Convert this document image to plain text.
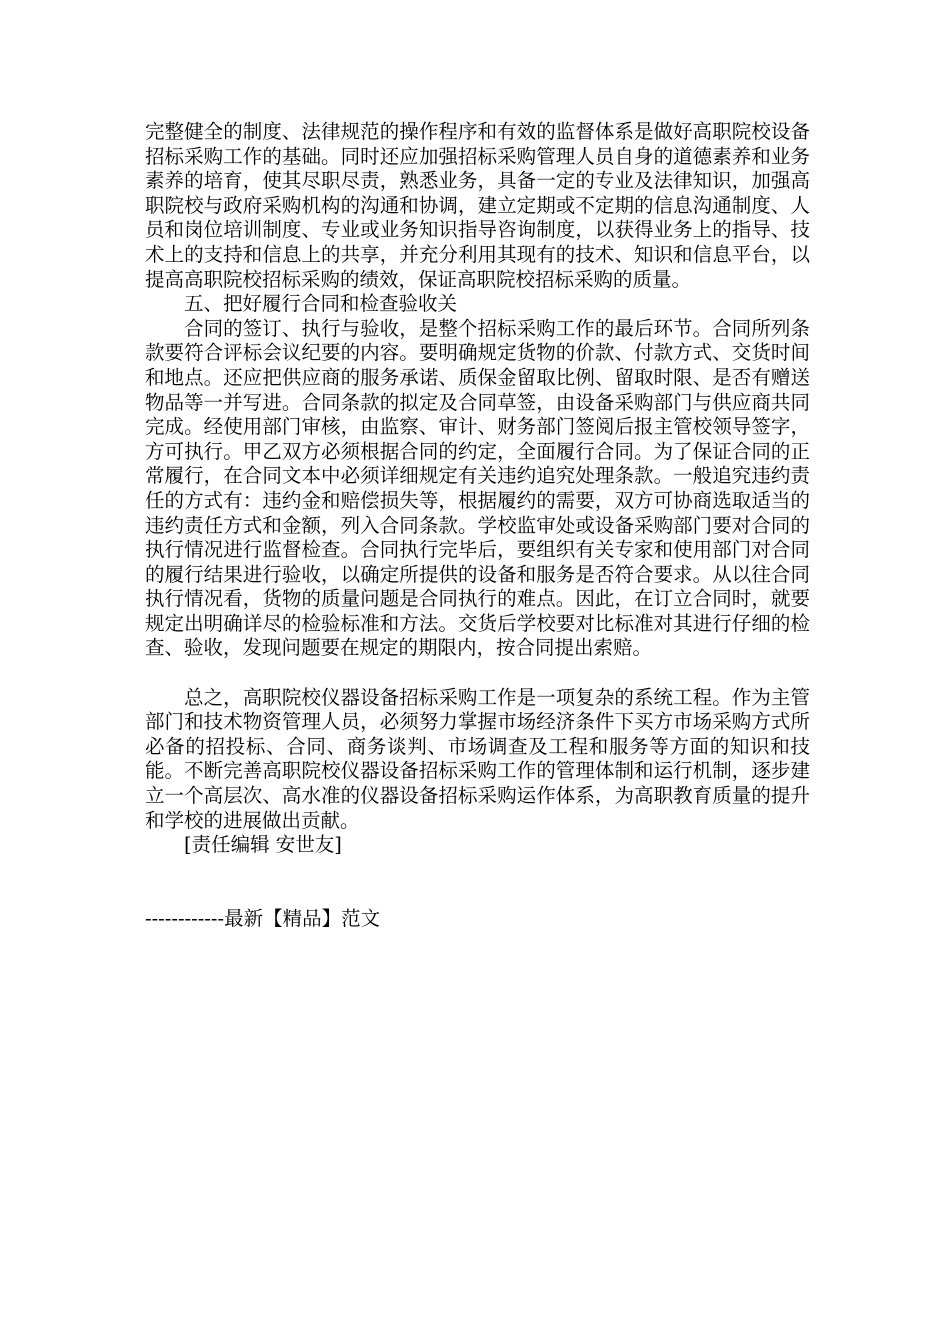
完整健全的制度、法律规范的操作程序和有效的监督体系是做好高职院校设备招标采购工作的基础。同时还应加强招标采购管理人员自身的道德素养和业务素养的培育，使其尽职尽责，熟悉业务，具备一定的专业及法律知识，加强高职院校与政府采购机构的沟通和协调，建立定期或不定期的信息沟通制度、人员和岗位培训制度、专业或业务知识指导咨询制度，以获得业务上的指导、技术上的支持和信息上的共享，并充分利用其现有的技术、知识和信息平台，以提高高职院校招标采购的绩效，保证高职院校招标采购的质量。

五、把好履行合同和检查验收关

合同的签订、执行与验收，是整个招标采购工作的最后环节。合同所列条款要符合评标会议纪要的内容。要明确规定货物的价款、付款方式、交货时间和地点。还应把供应商的服务承诺、质保金留取比例、留取时限、是否有赠送物品等一并写进。合同条款的拟定及合同草签，由设备采购部门与供应商共同完成。经使用部门审核，由监察、审计、财务部门签阅后报主管校领导签字，方可执行。甲乙双方必须根据合同的约定，全面履行合同。为了保证合同的正常履行，在合同文本中必须详细规定有关违约追究处理条款。一般追究违约责任的方式有：违约金和赔偿损失等，根据履约的需要，双方可协商选取适当的违约责任方式和金额，列入合同条款。学校监审处或设备采购部门要对合同的执行情况进行监督检查。合同执行完毕后，要组织有关专家和使用部门对合同的履行结果进行验收，以确定所提供的设备和服务是否符合要求。从以往合同执行情况看，货物的质量问题是合同执行的难点。因此，在订立合同时，就要规定出明确详尽的检验标准和方法。交货后学校要对比标准对其进行仔细的检查、验收，发现问题要在规定的期限内，按合同提出索赔。

总之，高职院校仪器设备招标采购工作是一项复杂的系统工程。作为主管部门和技术物资管理人员，必须努力掌握市场经济条件下买方市场采购方式所必备的招投标、合同、商务谈判、市场调查及工程和服务等方面的知识和技能。不断完善高职院校仪器设备招标采购工作的管理体制和运行机制，逐步建立一个高层次、高水准的仪器设备招标采购运作体系，为高职教育质量的提升和学校的进展做出贡献。

[责任编辑 安世友]

------------最新【精品】范文
